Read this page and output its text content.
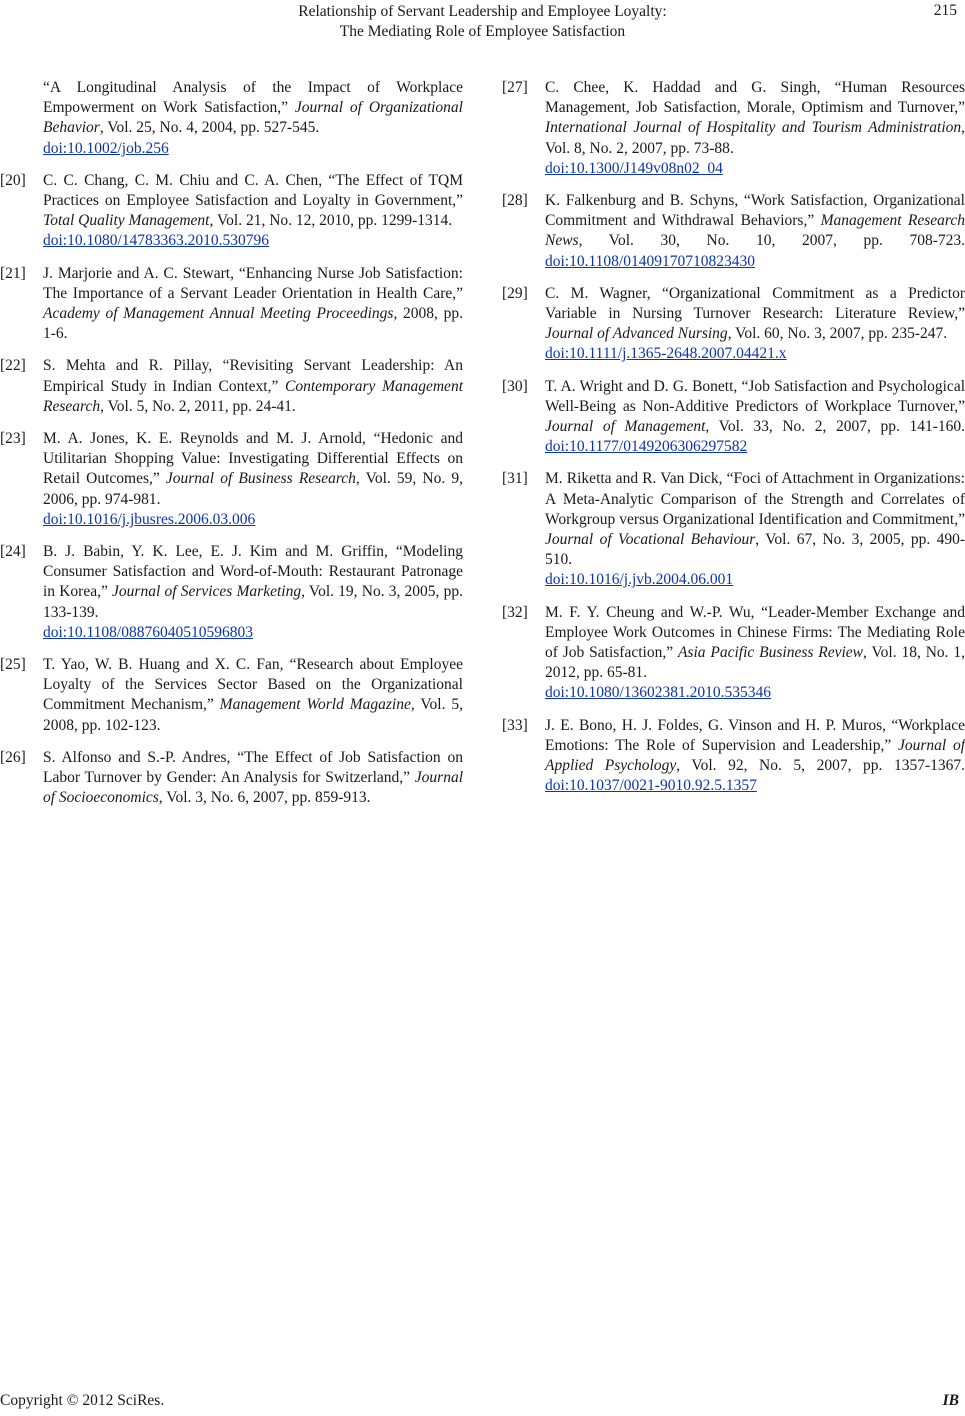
Relationship of Servant Leadership and Employee Loyalty:
The Mediating Role of Employee Satisfaction
215
“A Longitudinal Analysis of the Impact of Workplace Empowerment on Work Satisfaction,” Journal of Organizational Behavior, Vol. 25, No. 4, 2004, pp. 527-545.
doi:10.1002/job.256
[20] C. C. Chang, C. M. Chiu and C. A. Chen, “The Effect of TQM Practices on Employee Satisfaction and Loyalty in Government,” Total Quality Management, Vol. 21, No. 12, 2010, pp. 1299-1314.
doi:10.1080/14783363.2010.530796
[21] J. Marjorie and A. C. Stewart, “Enhancing Nurse Job Satisfaction: The Importance of a Servant Leader Orientation in Health Care,” Academy of Management Annual Meeting Proceedings, 2008, pp. 1-6.
[22] S. Mehta and R. Pillay, “Revisiting Servant Leadership: An Empirical Study in Indian Context,” Contemporary Management Research, Vol. 5, No. 2, 2011, pp. 24-41.
[23] M. A. Jones, K. E. Reynolds and M. J. Arnold, “Hedonic and Utilitarian Shopping Value: Investigating Differential Effects on Retail Outcomes,” Journal of Business Research, Vol. 59, No. 9, 2006, pp. 974-981.
doi:10.1016/j.jbusres.2006.03.006
[24] B. J. Babin, Y. K. Lee, E. J. Kim and M. Griffin, “Modeling Consumer Satisfaction and Word-of-Mouth: Restaurant Patronage in Korea,” Journal of Services Marketing, Vol. 19, No. 3, 2005, pp. 133-139.
doi:10.1108/08876040510596803
[25] T. Yao, W. B. Huang and X. C. Fan, “Research about Employee Loyalty of the Services Sector Based on the Organizational Commitment Mechanism,” Management World Magazine, Vol. 5, 2008, pp. 102-123.
[26] S. Alfonso and S.-P. Andres, “The Effect of Job Satisfaction on Labor Turnover by Gender: An Analysis for Switzerland,” Journal of Socioeconomics, Vol. 3, No. 6, 2007, pp. 859-913.
[27] C. Chee, K. Haddad and G. Singh, “Human Resources Management, Job Satisfaction, Morale, Optimism and Turnover,” International Journal of Hospitality and Tourism Administration, Vol. 8, No. 2, 2007, pp. 73-88.
doi:10.1300/J149v08n02_04
[28] K. Falkenburg and B. Schyns, “Work Satisfaction, Organizational Commitment and Withdrawal Behaviors,” Management Research News, Vol. 30, No. 10, 2007, pp. 708-723. doi:10.1108/01409170710823430
[29] C. M. Wagner, “Organizational Commitment as a Predictor Variable in Nursing Turnover Research: Literature Review,” Journal of Advanced Nursing, Vol. 60, No. 3, 2007, pp. 235-247.
doi:10.1111/j.1365-2648.2007.04421.x
[30] T. A. Wright and D. G. Bonett, “Job Satisfaction and Psychological Well-Being as Non-Additive Predictors of Workplace Turnover,” Journal of Management, Vol. 33, No. 2, 2007, pp. 141-160. doi:10.1177/0149206306297582
[31] M. Riketta and R. Van Dick, “Foci of Attachment in Organizations: A Meta-Analytic Comparison of the Strength and Correlates of Workgroup versus Organizational Identification and Commitment,” Journal of Vocational Behaviour, Vol. 67, No. 3, 2005, pp. 490-510.
doi:10.1016/j.jvb.2004.06.001
[32] M. F. Y. Cheung and W.-P. Wu, “Leader-Member Exchange and Employee Work Outcomes in Chinese Firms: The Mediating Role of Job Satisfaction,” Asia Pacific Business Review, Vol. 18, No. 1, 2012, pp. 65-81.
doi:10.1080/13602381.2010.535346
[33] J. E. Bono, H. J. Foldes, G. Vinson and H. P. Muros, “Workplace Emotions: The Role of Supervision and Leadership,” Journal of Applied Psychology, Vol. 92, No. 5, 2007, pp. 1357-1367. doi:10.1037/0021-9010.92.5.1357
Copyright © 2012 SciRes.	IB
